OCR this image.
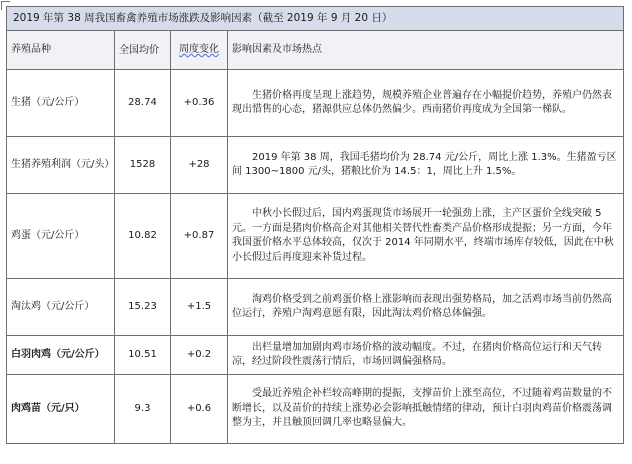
2019 年第 38 周我国畜禽养殖市场涨跌及影响因素（截至 2019 年 9 月 20 日）			
养殖品种	全国均价	周度变化	影响因素及市场热点
生猪（元/公斤）	28.74	+0.36	生猪价格再度呈现上涨趋势，规模养殖企业普遍存在小幅提价趋势，养殖户仍然表现出惜售的心态，猪源供应总体仍然偏少。西南猪价再度成为全国第一梯队。
生猪养殖利润（元/头）	1528	+28	2019 年第 38 周，我国毛猪均价为 28.74 元/公斤，周比上涨 1.3%。生猪盈亏区间 1300~1800 元/头，猪粮比价为 14.5：1，周比上升 1.5%。
鸡蛋（元/公斤）	10.82	+0.87	中秋小长假过后，国内鸡蛋现货市场展开一轮强劲上涨，主产区蛋价全线突破 5 元。一方面是猪肉价格高企对其他相关替代性畜类产品价格形成提振；另一方面，今年我国蛋价格水平总体较高，仅次于 2014 年同期水平，终端市场库存较低，因此在中秋小长假过后再度迎来补货过程。
淘汰鸡（元/公斤）	15.23	+1.5	淘鸡价格受到之前鸡蛋价格上涨影响而表现出强势格局，加之活鸡市场当前仍然高位运行，养殖户淘鸡意愿有限，因此淘汰鸡价格总体偏强。
白羽肉鸡（元/公斤）	10.51	+0.2	出栏量增加加剧肉鸡市场价格的波动幅度。不过，在猪肉价格高位运行和天气转凉，经过阶段性震荡行情后，市场回调偏强格局。
肉鸡苗（元/只）	9.3	+0.6	受最近养殖企补栏较高峰期的提振，支撑苗价上涨至高位，不过随着鸡苗数量的不断增长，以及苗价的持续上涨势必会影响抵触情绪的律动，预计白羽肉鸡苗价格震荡调整为主，并且触顶回调几率也略显偏大。
